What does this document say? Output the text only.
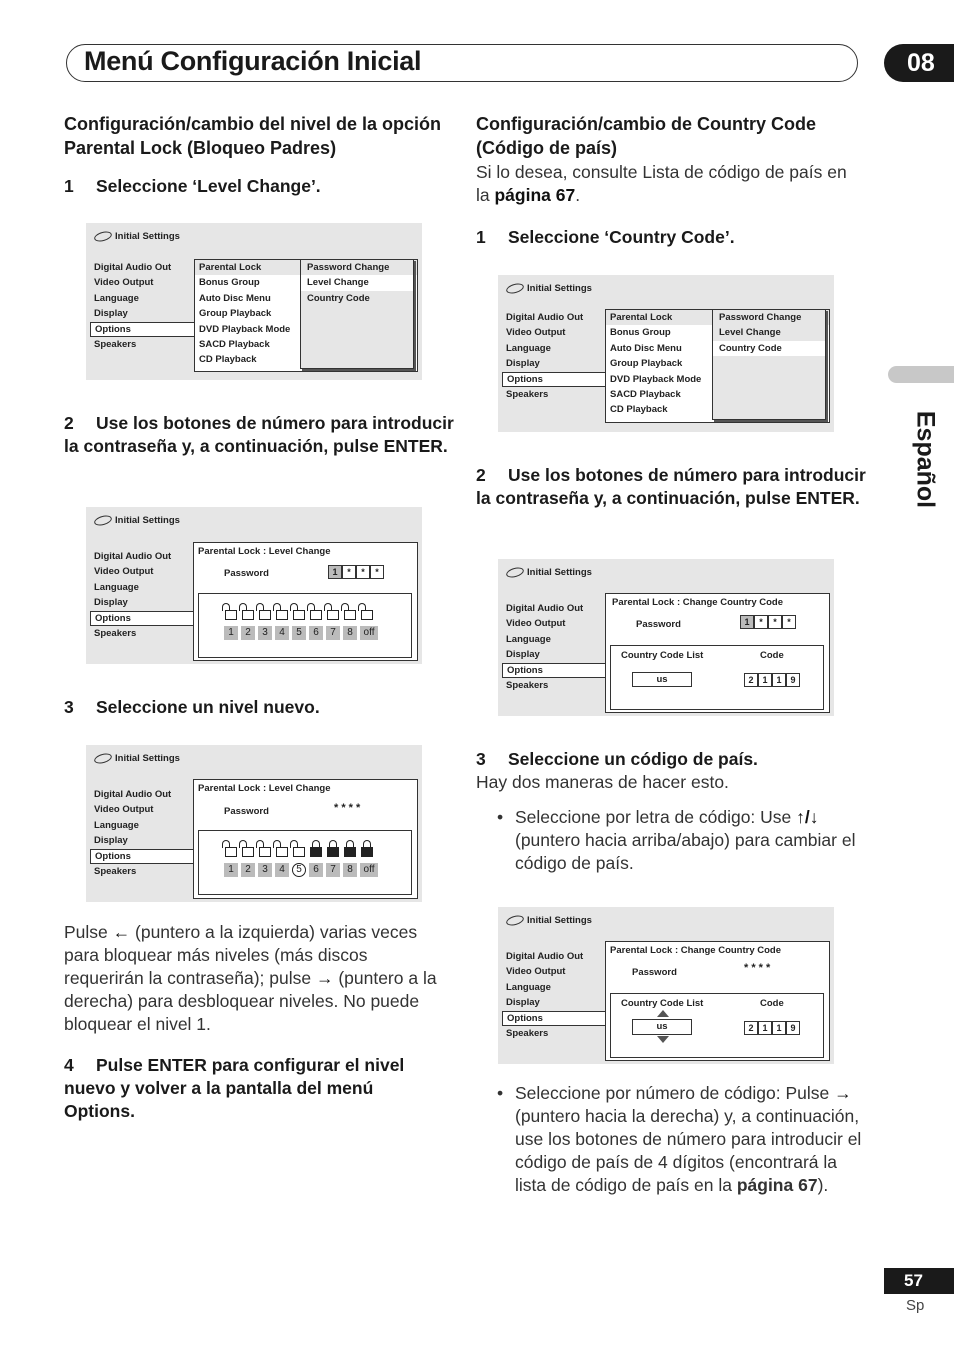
Menú Configuración Inicial	08
Español
Configuración/cambio del nivel de la opción Parental Lock (Bloqueo Padres)
1 Seleccione ‘Level Change’.
Initial Settings
Digital Audio Out
Video Output
Language
Display
Options
Speakers
Parental Lock
Bonus Group
Auto Disc Menu
Group Playback
DVD Playback Mode
SACD Playback
CD Playback
Password Change
Level Change
Country Code
2 Use los botones de número para introducir la contraseña y, a continuación, pulse ENTER.
Initial Settings
Digital Audio Out
Video Output
Language
Display
Options
Speakers
Parental Lock : Level Change
Password	1	*	*	*
1	2	3	4	5	6	7	8	off
3 Seleccione un nivel nuevo.
Initial Settings
Digital Audio Out
Video Output
Language
Display
Options
Speakers
Parental Lock : Level Change
Password	* * * *
1	2	3	4	5	6	7	8	off
Pulse ← (puntero a la izquierda) varias veces para bloquear más niveles (más discos requerirán la contraseña); pulse → (puntero a la derecha) para desbloquear niveles. No puede bloquear el nivel 1.
4 Pulse ENTER para configurar el nivel nuevo y volver a la pantalla del menú Options.
Configuración/cambio de Country Code (Código de país)
Si lo desea, consulte Lista de código de país en la página 67.
1 Seleccione ‘Country Code’.
Initial Settings
Digital Audio Out
Video Output
Language
Display
Options
Speakers
Parental Lock
Bonus Group
Auto Disc Menu
Group Playback
DVD Playback Mode
SACD Playback
CD Playback
Password Change
Level Change
Country Code
2 Use los botones de número para introducir la contraseña y, a continuación, pulse ENTER.
Initial Settings
Digital Audio Out
Video Output
Language
Display
Options
Speakers
Parental Lock : Change Country Code
Password	1	*	*	*
Country Code List	Code
us	2 1 1 9
3 Seleccione un código de país.
Hay dos maneras de hacer esto.
• Seleccione por letra de código: Use ↑/↓ (puntero hacia arriba/abajo) para cambiar el código de país.
Initial Settings
Digital Audio Out
Video Output
Language
Display
Options
Speakers
Parental Lock : Change Country Code
Password	* * * *
Country Code List	Code
us	2 1 1 9
• Seleccione por número de código: Pulse → (puntero hacia la derecha) y, a continuación, use los botones de número para introducir el código de país de 4 dígitos (encontrará la lista de código de país en la página 67).
57
Sp
